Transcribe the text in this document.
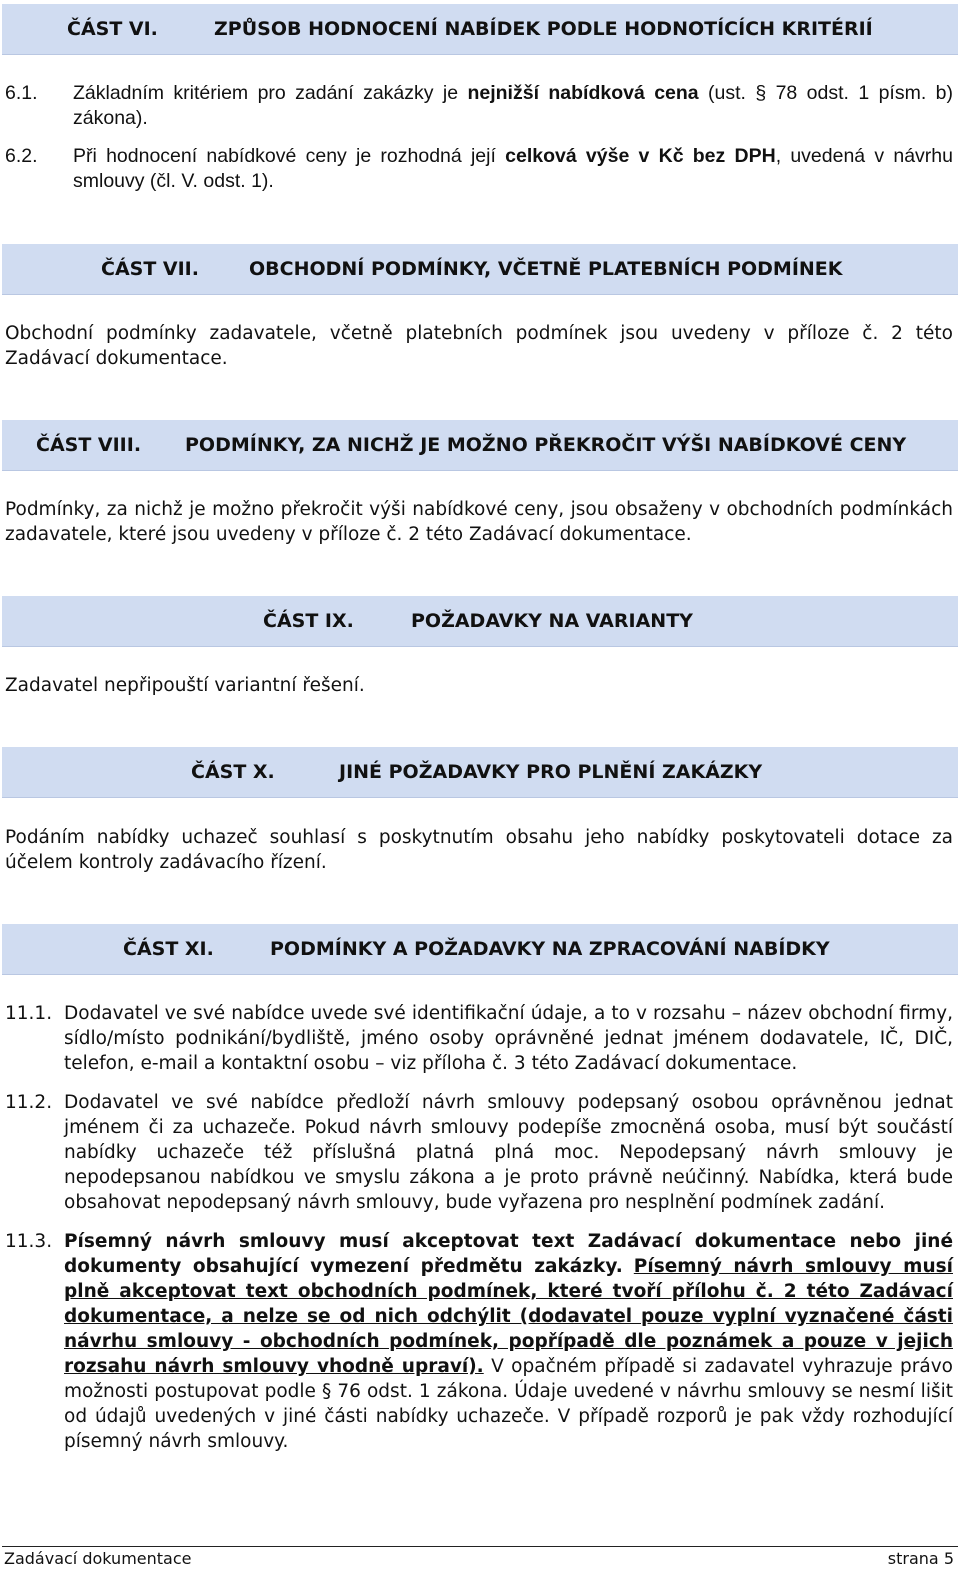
ČÁST VI.	ZPŮSOB HODNOCENÍ NABÍDEK PODLE HODNOTÍCÍCH KRITÉRIÍ
6.1. Základním kritériem pro zadání zakázky je nejnižší nabídková cena (ust. § 78 odst. 1 písm. b) zákona).

6.2. Při hodnocení nabídkové ceny je rozhodná její celková výše v Kč bez DPH, uvedená v návrhu smlouvy (čl. V. odst. 1).

ČÁST VII.	OBCHODNÍ PODMÍNKY, VČETNĚ PLATEBNÍCH PODMÍNEK

Obchodní podmínky zadavatele, včetně platebních podmínek jsou uvedeny v příloze č. 2 této Zadávací dokumentace.

ČÁST VIII. PODMÍNKY, ZA NICHŽ JE MOŽNO PŘEKROČIT VÝŠI NABÍDKOVÉ CENY

Podmínky, za nichž je možno překročit výši nabídkové ceny, jsou obsaženy v obchodních podmínkách zadavatele, které jsou uvedeny v příloze č. 2 této Zadávací dokumentace.

ČÁST IX.	POŽADAVKY NA VARIANTY

Zadavatel nepřipouští variantní řešení.

ČÁST X.	JINÉ POŽADAVKY PRO PLNĚNÍ ZAKÁZKY

Podáním nabídky uchazeč souhlasí s poskytnutím obsahu jeho nabídky poskytovateli dotace za účelem kontroly zadávacího řízení.

ČÁST XI.	PODMÍNKY A POŽADAVKY NA ZPRACOVÁNÍ NABÍDKY
11.1. Dodavatel ve své nabídce uvede své identifikační údaje, a to v rozsahu – název obchodní firmy, sídlo/místo podnikání/bydliště, jméno osoby oprávněné jednat jménem dodavatele, IČ, DIČ, telefon, e-mail a kontaktní osobu – viz příloha č. 3 této Zadávací dokumentace.

11.2. Dodavatel ve své nabídce předloží návrh smlouvy podepsaný osobou oprávněnou jednat jménem či za uchazeče. Pokud návrh smlouvy podepíše zmocněná osoba, musí být součástí nabídky uchazeče též příslušná platná plná moc. Nepodepsaný návrh smlouvy je nepodepsanou nabídkou ve smyslu zákona a je proto právně neúčinný. Nabídka, která bude obsahovat nepodepsaný návrh smlouvy, bude vyřazena pro nesplnění podmínek zadání.

11.3. Písemný návrh smlouvy musí akceptovat text Zadávací dokumentace nebo jiné dokumenty obsahující vymezení předmětu zakázky. Písemný návrh smlouvy musí plně akceptovat text obchodních podmínek, které tvoří přílohu č. 2 této Zadávací dokumentace, a nelze se od nich odchýlit (dodavatel pouze vyplní vyznačené části návrhu smlouvy - obchodních podmínek, popřípadě dle poznámek a pouze v jejich rozsahu návrh smlouvy vhodně upraví). V opačném případě si zadavatel vyhrazuje právo možnosti postupovat podle § 76 odst. 1 zákona. Údaje uvedené v návrhu smlouvy se nesmí lišit od údajů uvedených v jiné části nabídky uchazeče. V případě rozporů je pak vždy rozhodující písemný návrh smlouvy.

Zadávací dokumentace	strana 5
